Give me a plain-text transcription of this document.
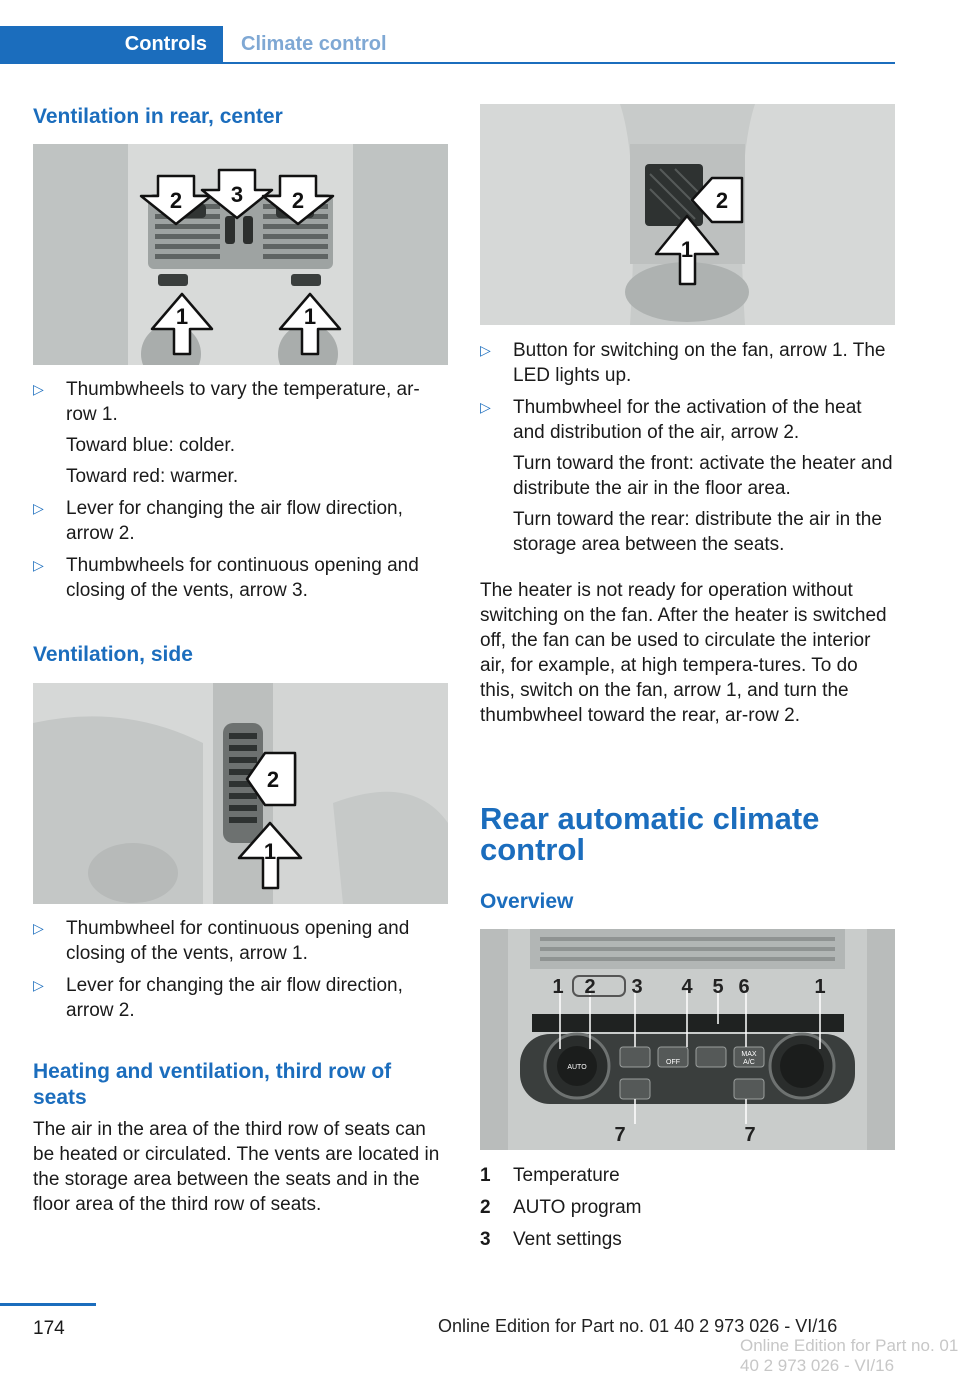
Controls	Climate control
Ventilation in rear, center
2 3 2
1	1
▷ Thumbwheels to vary the temperature, ar-row 1.

Toward blue: colder.

Toward red: warmer.

▷ Lever for changing the air flow direction, arrow 2.

▷ Thumbwheels for continuous opening and closing of the vents, arrow 3.

Ventilation, side
2
1
▷ Thumbwheel for continuous opening and closing of the vents, arrow 1.

▷ Lever for changing the air flow direction, arrow 2.

Heating and ventilation, third row of seats
The air in the area of the third row of seats can be heated or circulated. The vents are located in the storage area between the seats and in the floor area of the third row of seats.
2
1
▷ Button for switching on the fan, arrow 1. The LED lights up.

▷ Thumbwheel for the activation of the heat and distribution of the air, arrow 2.

Turn toward the front: activate the heater and distribute the air in the floor area.

Turn toward the rear: distribute the air in the storage area between the seats.

The heater is not ready for operation without switching on the fan. After the heater is switched off, the fan can be used to circulate the interior air, for example, at high tempera-tures. To do this, switch on the fan, arrow 1, and turn the thumbwheel toward the rear, ar-row 2.
Rear automatic climate control
Overview
1 2 3 4 5 6	1
7	7
AUTO
OFF
MAX
A/C
1	Temperature
2	AUTO program
3	Vent settings
174	Online Edition for Part no. 01 40 2 973 026 - VI/16
Online Edition for Part no. 01 40 2 973 026 - VI/16
